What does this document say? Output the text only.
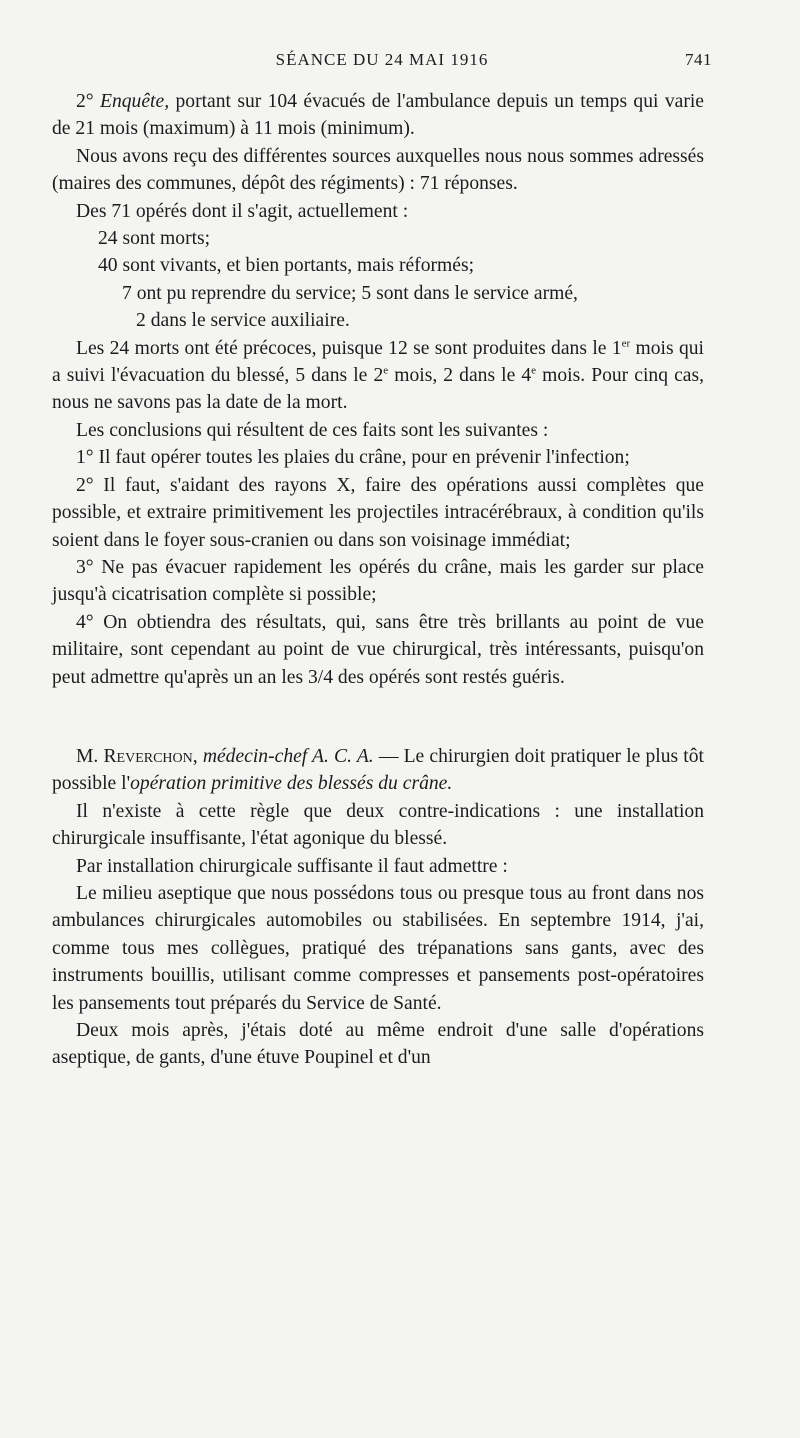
SÉANCE DU 24 MAI 1916	741

2° Enquête, portant sur 104 évacués de l'ambulance depuis un temps qui varie de 21 mois (maximum) à 11 mois (minimum).

Nous avons reçu des différentes sources auxquelles nous nous sommes adressés (maires des communes, dépôt des régiments) : 71 réponses.

Des 71 opérés dont il s'agit, actuellement :

24 sont morts;

40 sont vivants, et bien portants, mais réformés;

7 ont pu reprendre du service; 5 sont dans le service armé,

2 dans le service auxiliaire.

Les 24 morts ont été précoces, puisque 12 se sont produites dans le 1er mois qui a suivi l'évacuation du blessé, 5 dans le 2e mois, 2 dans le 4e mois. Pour cinq cas, nous ne savons pas la date de la mort.

Les conclusions qui résultent de ces faits sont les suivantes :

1° Il faut opérer toutes les plaies du crâne, pour en prévenir l'infection;

2° Il faut, s'aidant des rayons X, faire des opérations aussi complètes que possible, et extraire primitivement les projectiles intracérébraux, à condition qu'ils soient dans le foyer sous-cranien ou dans son voisinage immédiat;

3° Ne pas évacuer rapidement les opérés du crâne, mais les garder sur place jusqu'à cicatrisation complète si possible;

4° On obtiendra des résultats, qui, sans être très brillants au point de vue militaire, sont cependant au point de vue chirurgical, très intéressants, puisqu'on peut admettre qu'après un an les 3/4 des opérés sont restés guéris.

M. Reverchon, médecin-chef A. C. A. — Le chirurgien doit pratiquer le plus tôt possible l'opération primitive des blessés du crâne.

Il n'existe à cette règle que deux contre-indications : une installation chirurgicale insuffisante, l'état agonique du blessé.

Par installation chirurgicale suffisante il faut admettre :

Le milieu aseptique que nous possédons tous ou presque tous au front dans nos ambulances chirurgicales automobiles ou stabilisées. En septembre 1914, j'ai, comme tous mes collègues, pratiqué des trépanations sans gants, avec des instruments bouillis, utilisant comme compresses et pansements post-opératoires les pansements tout préparés du Service de Santé.

Deux mois après, j'étais doté au même endroit d'une salle d'opérations aseptique, de gants, d'une étuve Poupinel et d'un
